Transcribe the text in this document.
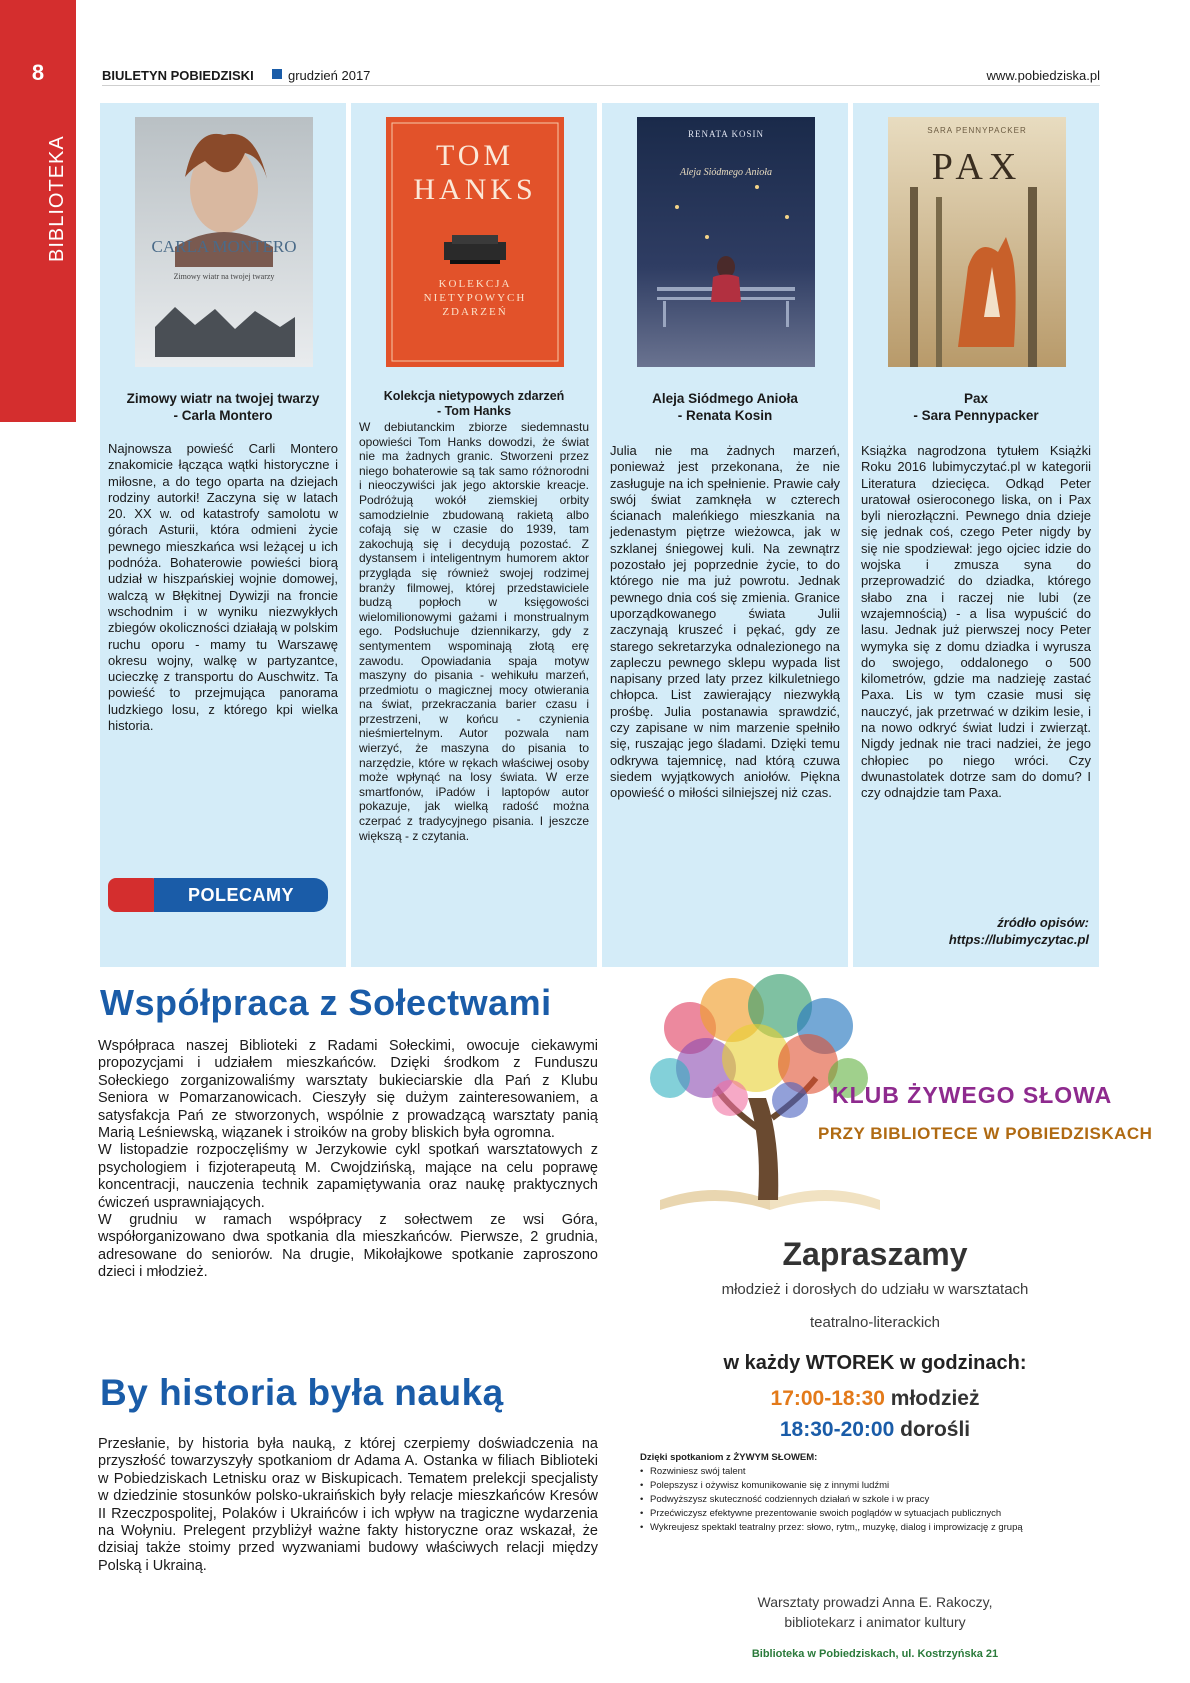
8
BIBLIOTEKA
BIULETYN POBIEDZISKI	grudzień 2017	www.pobiedziska.pl
CARLA MONTERO
Zimowy wiatr na twojej twarzy
Zimowy wiatr na twojej twarzy
- Carla Montero
Najnowsza powieść Carli Montero znakomicie łącząca wątki historyczne i miłosne, a do tego oparta na dziejach rodziny autorki! Zaczyna się w latach 20. XX w. od katastrofy samolotu w górach Asturii, która odmieni życie pewnego mieszkańca wsi leżącej u ich podnóża. Bohaterowie powieści biorą udział w hiszpańskiej wojnie domowej, walczą w Błękitnej Dywizji na froncie wschodnim i w wyniku niezwykłych zbiegów okoliczności działają w polskim ruchu oporu - mamy tu Warszawę okresu wojny, walkę w partyzantce, ucieczkę z transportu do Auschwitz. Ta powieść to przejmująca panorama ludzkiego losu, z którego kpi wielka historia.
TOM
HANKS
KOLEKCJA NIETYPOWYCH ZDARZEŃ
Kolekcja nietypowych zdarzeń
- Tom Hanks
W debiutanckim zbiorze siedemnastu opowieści Tom Hanks dowodzi, że świat nie ma żadnych granic. Stworzeni przez niego bohaterowie są tak samo różnorodni i nieoczywiści jak jego aktorskie kreacje. Podróżują wokół ziemskiej orbity samodzielnie zbudowaną rakietą albo cofają się w czasie do 1939, tam zakochują się i decydują pozostać. Z dystansem i inteligentnym humorem aktor przygląda się również swojej rodzimej branży filmowej, której przedstawiciele budzą popłoch w księgowości wielomilionowymi gażami i monstrualnym ego. Podsłuchuje dziennikarzy, gdy z sentymentem wspominają złotą erę zawodu. Opowiadania spaja motyw maszyny do pisania - wehikułu marzeń, przedmiotu o magicznej mocy otwierania na świat, przekraczania barier czasu i przestrzeni, w końcu - czynienia nieśmiertelnym. Autor pozwala nam wierzyć, że maszyna do pisania to narzędzie, które w rękach właściwej osoby może wpłynąć na losy świata. W erze smartfonów, iPadów i laptopów autor pokazuje, jak wielką radość można czerpać z tradycyjnego pisania. I jeszcze większą - z czytania.
RENATA KOSIN
Aleja Siódmego Anioła
Aleja Siódmego Anioła
- Renata Kosin
Julia nie ma żadnych marzeń, ponieważ jest przekonana, że nie zasługuje na ich spełnienie. Prawie cały swój świat zamknęła w czterech ścianach maleńkiego mieszkania na jedenastym piętrze wieżowca, jak w szklanej śniegowej kuli. Na zewnątrz pozostało jej poprzednie życie, to do którego nie ma już powrotu. Jednak pewnego dnia coś się zmienia. Granice uporządkowanego świata Julii zaczynają kruszeć i pękać, gdy ze starego sekretarzyka odnalezionego na zapleczu pewnego sklepu wypada list napisany przed laty przez kilkuletniego chłopca. List zawierający niezwykłą prośbę. Julia postanawia sprawdzić, czy zapisane w nim marzenie spełniło się, ruszając jego śladami. Dzięki temu odkrywa tajemnicę, nad którą czuwa siedem wyjątkowych aniołów. Piękna opowieść o miłości silniejszej niż czas.
SARA PENNYPACKER
PAX
Pax
- Sara Pennypacker
Książka nagrodzona tytułem Książki Roku 2016 lubimyczytać.pl w kategorii Literatura dziecięca. Odkąd Peter uratował osieroconego liska, on i Pax byli nierozłączni. Pewnego dnia dzieje się jednak coś, czego Peter nigdy by się nie spodziewał: jego ojciec idzie do wojska i zmusza syna do przeprowadzić do dziadka, którego słabo zna i raczej nie lubi (ze wzajemnością) - a lisa wypuścić do lasu. Jednak już pierwszej nocy Peter wymyka się z domu dziadka i wyrusza do swojego, oddalonego o 500 kilometrów, gdzie ma nadzieję zastać Paxa. Lis w tym czasie musi się nauczyć, jak przetrwać w dzikim lesie, i na nowo odkryć świat ludzi i zwierząt. Nigdy jednak nie traci nadziei, że jego chłopiec po niego wróci. Czy dwunastolatek dotrze sam do domu? I czy odnajdzie tam Paxa.
źródło opisów:
https://lubimyczytac.pl
POLECAMY
Współpraca z Sołectwami

Współpraca naszej Biblioteki z Radami Sołeckimi, owocuje ciekawymi propozycjami i udziałem mieszkańców. Dzięki środkom z Funduszu Sołeckiego zorganizowaliśmy warsztaty bukieciarskie dla Pań z Klubu Seniora w Pomarzanowicach. Cieszyły się dużym zainteresowaniem, a satysfakcja Pań ze stworzonych, wspólnie z prowadzącą warsztaty panią Marią Leśniewską, wiązanek i stroików na groby bliskich była ogromna.

W listopadzie rozpoczęliśmy w Jerzykowie cykl spotkań warsztatowych z psychologiem i fizjoterapeutą M. Cwojdzińską, mające na celu poprawę koncentracji, nauczenia technik zapamiętywania oraz naukę praktycznych ćwiczeń usprawniających.

W grudniu w ramach współpracy z sołectwem ze wsi Góra, współorganizowano dwa spotkania dla mieszkańców. Pierwsze, 2 grudnia, adresowane do seniorów. Na drugie, Mikołajkowe spotkanie zaproszono dzieci i młodzież.

By historia była nauką

Przesłanie, by historia była nauką, z której czerpiemy doświadczenia na przyszłość towarzyszyły spotkaniom dr Adama A. Ostanka w filiach Biblioteki w Pobiedziskach Letnisku oraz w Biskupicach. Tematem prelekcji specjalisty w dziedzinie stosunków polsko-ukraińskich były relacje mieszkańców Kresów II Rzeczpospolitej, Polaków i Ukraińców i ich wpływ na tragiczne wydarzenia na Wołyniu. Prelegent przybliżył ważne fakty historyczne oraz wskazał, że dzisiaj także stoimy przed wyzwaniami budowy właściwych relacji między Polską i Ukrainą.

KLUB ŻYWEGO SŁOWA
PRZY BIBLIOTECE W POBIEDZISKACH
Zapraszamy
młodzież i dorosłych do udziału w warsztatach
teatralno-literackich
w każdy WTOREK w godzinach:
17:00-18:30 młodzież
18:30-20:00 dorośli
Dzięki spotkaniom z ŻYWYM SŁOWEM:
• Rozwiniesz swój talent
• Polepszysz i ożywisz komunikowanie się z innymi ludźmi
• Podwyższysz skuteczność codziennych działań w szkole i w pracy
• Przećwiczysz efektywne prezentowanie swoich poglądów w sytuacjach publicznych
• Wykreujesz spektakl teatralny przez: słowo, rytm,, muzykę, dialog i improwizację z grupą
Warsztaty prowadzi Anna E. Rakoczy,
bibliotekarz i animator kultury
Biblioteka w Pobiedziskach, ul. Kostrzyńska 21
